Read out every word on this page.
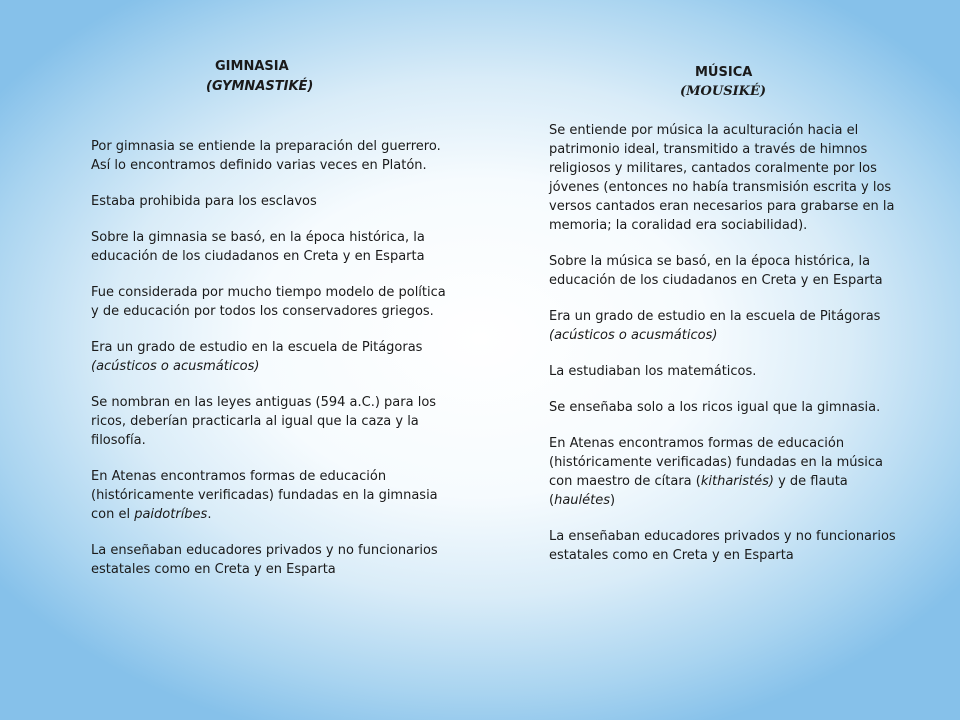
GIMNASIA
(GYMNASTIKÉ)
MÚSICA
(MOUSIKÉ)

Por gimnasia se entiende la preparación del guerrero.
Así lo encontramos definido varias veces en Platón.

Estaba prohibida para los esclavos

Sobre la gimnasia se basó, en la época histórica, la
educación de los ciudadanos en Creta y en Esparta

Fue considerada por mucho tiempo modelo de política
y de educación por todos los conservadores griegos.

Era un grado de estudio en la escuela de Pitágoras
(acústicos o acusmáticos)

Se nombran en las leyes antiguas (594 a.C.) para los
ricos, deberían practicarla al igual que la caza y la
filosofía.

En Atenas encontramos formas de educación
(históricamente verificadas) fundadas en la gimnasia
con el paidotríbes.

La enseñaban educadores privados y no funcionarios
estatales como en Creta y en Esparta

Se entiende por música la aculturación hacia el
patrimonio ideal, transmitido a través de himnos
religiosos y militares, cantados coralmente por los
jóvenes (entonces no había transmisión escrita y los
versos cantados eran necesarios para grabarse en la
memoria; la coralidad era sociabilidad).

Sobre la música se basó, en la época histórica, la
educación de los ciudadanos en Creta y en Esparta

Era un grado de estudio en la escuela de Pitágoras
(acústicos o acusmáticos)

La estudiaban los matemáticos.

Se enseñaba solo a los ricos igual que la gimnasia.

En Atenas encontramos formas de educación
(históricamente verificadas) fundadas en la música
con maestro de cítara (kitharistés) y de flauta
(haulétes)

La enseñaban educadores privados y no funcionarios
estatales como en Creta y en Esparta
